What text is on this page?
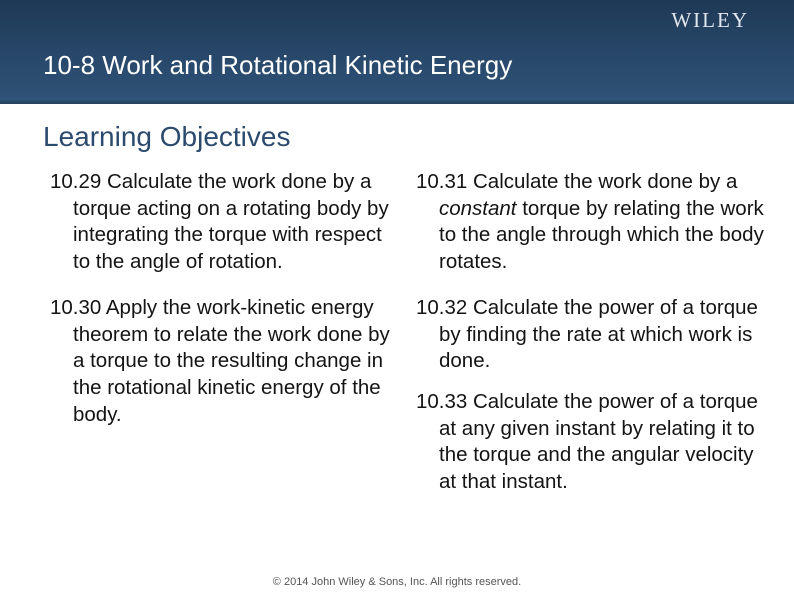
WILEY
10-8 Work and Rotational Kinetic Energy
Learning Objectives

10.29 Calculate the work done by a torque acting on a rotating body by integrating the torque with respect to the angle of rotation.

10.30 Apply the work-kinetic energy theorem to relate the work done by a torque to the resulting change in the rotational kinetic energy of the body.

10.31 Calculate the work done by a constant torque by relating the work to the angle through which the body rotates.

10.32 Calculate the power of a torque by finding the rate at which work is done.

10.33 Calculate the power of a torque at any given instant by relating it to the torque and the angular velocity at that instant.

© 2014 John Wiley & Sons, Inc. All rights reserved.
